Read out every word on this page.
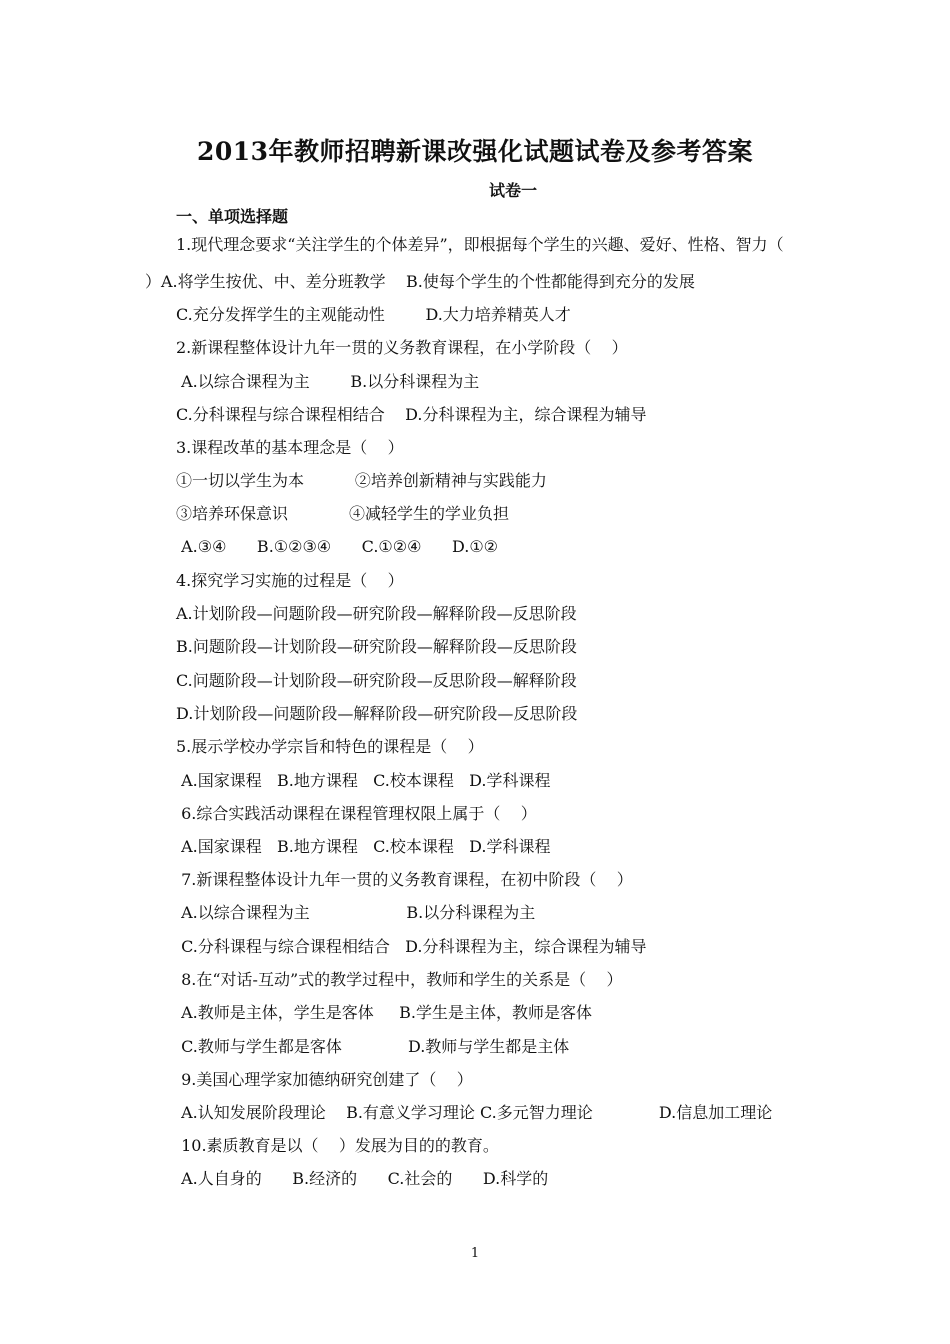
2013年教师招聘新课改强化试题试卷及参考答案
试卷一
一、单项选择题
1.现代理念要求“关注学生的个体差异”，即根据每个学生的兴趣、爱好、性格、智力（
）A.将学生按优、中、差分班教学    B.使每个学生的个性都能得到充分的发展
C.充分发挥学生的主观能动性        D.大力培养精英人才
2.新课程整体设计九年一贯的义务教育课程，在小学阶段（    ）
A.以综合课程为主        B.以分科课程为主
C.分科课程与综合课程相结合    D.分科课程为主，综合课程为辅导
3.课程改革的基本理念是（    ）
①一切以学生为本          ②培养创新精神与实践能力
③培养环保意识            ④减轻学生的学业负担
A.③④      B.①②③④      C.①②④      D.①②
4.探究学习实施的过程是（    ）
A.计划阶段—问题阶段—研究阶段—解释阶段—反思阶段
B.问题阶段—计划阶段—研究阶段—解释阶段—反思阶段
C.问题阶段—计划阶段—研究阶段—反思阶段—解释阶段
D.计划阶段—问题阶段—解释阶段—研究阶段—反思阶段
5.展示学校办学宗旨和特色的课程是（    ）
A.国家课程   B.地方课程   C.校本课程   D.学科课程
6.综合实践活动课程在课程管理权限上属于（    ）
A.国家课程   B.地方课程   C.校本课程   D.学科课程
7.新课程整体设计九年一贯的义务教育课程，在初中阶段（    ）
A.以综合课程为主                   B.以分科课程为主
C.分科课程与综合课程相结合   D.分科课程为主，综合课程为辅导
8.在“对话-互动”式的教学过程中，教师和学生的关系是（    ）
A.教师是主体，学生是客体     B.学生是主体，教师是客体
C.教师与学生都是客体             D.教师与学生都是主体
9.美国心理学家加德纳研究创建了（    ）
A.认知发展阶段理论    B.有意义学习理论 C.多元智力理论             D.信息加工理论
10.素质教育是以（    ）发展为目的的教育。
A.人自身的      B.经济的      C.社会的      D.科学的
1
